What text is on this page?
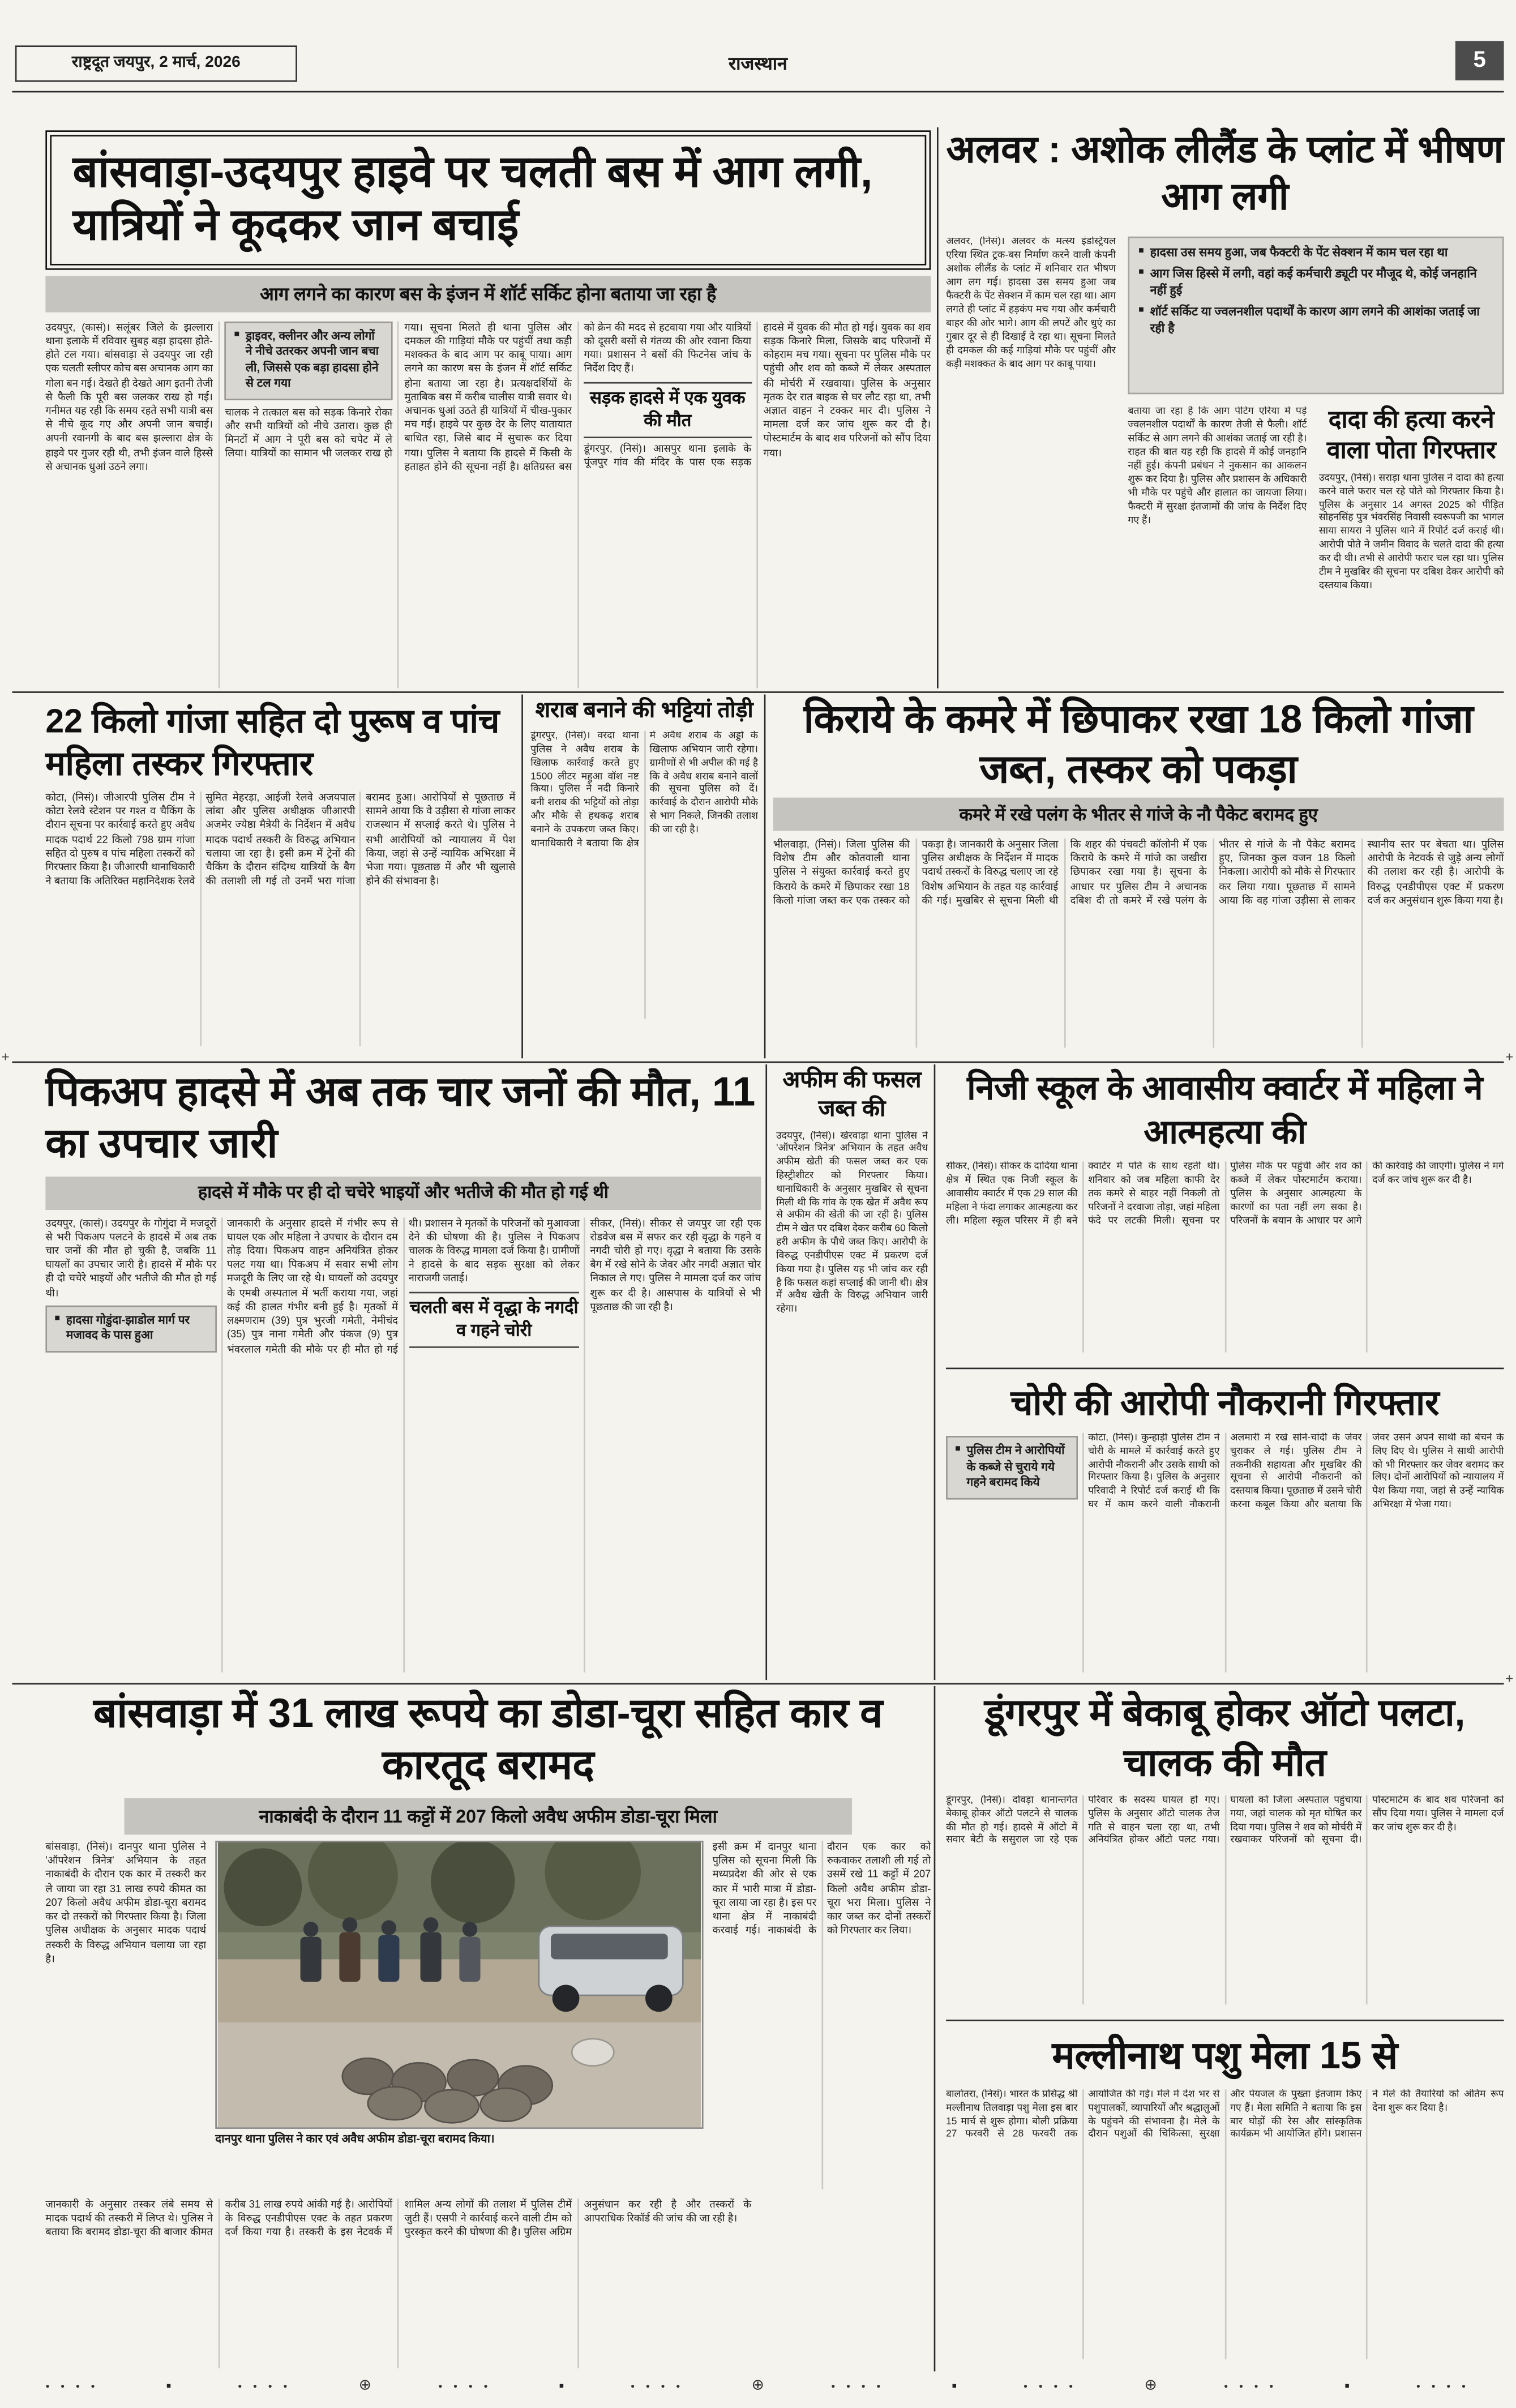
राष्ट्रदूत जयपुर, 2 मार्च, 2026	राजस्थान	5
+
+
+
बांसवाड़ा-उदयपुर हाइवे पर चलती बस में आग लगी, यात्रियों ने कूदकर जान बचाई
आग लगने का कारण बस के इंजन में शॉर्ट सर्किट होना बताया जा रहा है

उदयपुर, (कासं)। सलूंबर जिले के झल्लारा थाना इलाके में रविवार सुबह बड़ा हादसा होते-होते टल गया। बांसवाड़ा से उदयपुर जा रही एक चलती स्लीपर कोच बस अचानक आग का गोला बन गई। देखते ही देखते आग इतनी तेजी से फैली कि पूरी बस जलकर राख हो गई। गनीमत यह रही कि समय रहते सभी यात्री बस से नीचे कूद गए और अपनी जान बचाई। अपनी रवानगी के बाद बस झल्लारा क्षेत्र के हाइवे पर गुजर रही थी, तभी इंजन वाले हिस्से से अचानक धुआं उठने लगा।

■ ड्राइवर, क्लीनर और अन्य लोगों ने नीचे उतरकर अपनी जान बचा ली, जिससे एक बड़ा हादसा होने से टल गया

चालक ने तत्काल बस को सड़क किनारे रोका और सभी यात्रियों को नीचे उतारा। कुछ ही मिनटों में आग ने पूरी बस को चपेट में ले लिया। यात्रियों का सामान भी जलकर राख हो गया। सूचना मिलते ही थाना पुलिस और दमकल की गाड़ियां मौके पर पहुंचीं तथा कड़ी मशक्कत के बाद आग पर काबू पाया। आग लगने का कारण बस के इंजन में शॉर्ट सर्किट होना बताया जा रहा है। प्रत्यक्षदर्शियों के मुताबिक बस में करीब चालीस यात्री सवार थे। अचानक धुआं उठते ही यात्रियों में चीख-पुकार मच गई। हाइवे पर कुछ देर के लिए यातायात बाधित रहा, जिसे बाद में सुचारू कर दिया गया। पुलिस ने बताया कि हादसे में किसी के हताहत होने की सूचना नहीं है। क्षतिग्रस्त बस को क्रेन की मदद से हटवाया गया और यात्रियों को दूसरी बसों से गंतव्य की ओर रवाना किया गया। प्रशासन ने बसों की फिटनेस जांच के निर्देश दिए हैं।

सड़क हादसे में एक युवक की मौत

डूंगरपुर, (निसं)। आसपुर थाना इलाके के पूंजपुर गांव की मंदिर के पास एक सड़क हादसे में युवक की मौत हो गई। युवक का शव सड़क किनारे मिला, जिसके बाद परिजनों में कोहराम मच गया। सूचना पर पुलिस मौके पर पहुंची और शव को कब्जे में लेकर अस्पताल की मोर्चरी में रखवाया। पुलिस के अनुसार मृतक देर रात बाइक से घर लौट रहा था, तभी अज्ञात वाहन ने टक्कर मार दी। पुलिस ने मामला दर्ज कर जांच शुरू कर दी है। पोस्टमार्टम के बाद शव परिजनों को सौंप दिया गया।

अलवर : अशोक लीलैंड के प्लांट में भीषण आग लगी

अलवर, (निसं)। अलवर के मत्स्य इंडस्ट्रियल एरिया स्थित ट्रक-बस निर्माण करने वाली कंपनी अशोक लीलैंड के प्लांट में शनिवार रात भीषण आग लग गई। हादसा उस समय हुआ जब फैक्टरी के पेंट सेक्शन में काम चल रहा था। आग लगते ही प्लांट में हड़कंप मच गया और कर्मचारी बाहर की ओर भागे। आग की लपटें और धुएं का गुबार दूर से ही दिखाई दे रहा था। सूचना मिलते ही दमकल की कई गाड़ियां मौके पर पहुंचीं और कड़ी मशक्कत के बाद आग पर काबू पाया।

■ हादसा उस समय हुआ, जब फैक्टरी के पेंट सेक्शन में काम चल रहा था
■ आग जिस हिस्से में लगी, वहां कई कर्मचारी ड्यूटी पर मौजूद थे, कोई जनहानि नहीं हुई
■ शॉर्ट सर्किट या ज्वलनशील पदार्थों के कारण आग लगने की आशंका जताई जा रही है

बताया जा रहा है कि आग पेंटिंग एरिया में पड़े ज्वलनशील पदार्थों के कारण तेजी से फैली। शॉर्ट सर्किट से आग लगने की आशंका जताई जा रही है। राहत की बात यह रही कि हादसे में कोई जनहानि नहीं हुई। कंपनी प्रबंधन ने नुकसान का आकलन शुरू कर दिया है। पुलिस और प्रशासन के अधिकारी भी मौके पर पहुंचे और हालात का जायजा लिया। फैक्टरी में सुरक्षा इंतजामों की जांच के निर्देश दिए गए हैं।

दादा की हत्या करने वाला पोता गिरफ्तार

उदयपुर, (निसं)। सराड़ा थाना पुलिस ने दादा की हत्या करने वाले फरार चल रहे पोते को गिरफ्तार किया है। पुलिस के अनुसार 14 अगस्त 2025 को पीड़ित सोहनसिंह पुत्र भंवरसिंह निवासी स्वरूपजी का भागल साया सायरा ने पुलिस थाने में रिपोर्ट दर्ज कराई थी। आरोपी पोते ने जमीन विवाद के चलते दादा की हत्या कर दी थी। तभी से आरोपी फरार चल रहा था। पुलिस टीम ने मुखबिर की सूचना पर दबिश देकर आरोपी को दस्तयाब किया।

22 किलो गांजा सहित दो पुरूष व पांच महिला तस्कर गिरफ्तार

कोटा, (निसं)। जीआरपी पुलिस टीम ने कोटा रेलवे स्टेशन पर गश्त व चैकिंग के दौरान सूचना पर कार्रवाई करते हुए अवैध मादक पदार्थ 22 किलो 798 ग्राम गांजा सहित दो पुरुष व पांच महिला तस्करों को गिरफ्तार किया है। जीआरपी थानाधिकारी ने बताया कि अतिरिक्त महानिदेशक रेलवे सुमित मेहरड़ा, आईजी रेलवे अजयपाल लांबा और पुलिस अधीक्षक जीआरपी अजमेर ज्येष्ठा मैत्रेयी के निर्देशन में अवैध मादक पदार्थ तस्करी के विरुद्ध अभियान चलाया जा रहा है। इसी क्रम में ट्रेनों की चैकिंग के दौरान संदिग्ध यात्रियों के बैग की तलाशी ली गई तो उनमें भरा गांजा बरामद हुआ। आरोपियों से पूछताछ में सामने आया कि वे उड़ीसा से गांजा लाकर राजस्थान में सप्लाई करते थे। पुलिस ने सभी आरोपियों को न्यायालय में पेश किया, जहां से उन्हें न्यायिक अभिरक्षा में भेजा गया। पूछताछ में और भी खुलासे होने की संभावना है।

शराब बनाने की भट्टियां तोड़ी

डूंगरपुर, (निसं)। वरदा थाना पुलिस ने अवैध शराब के खिलाफ कार्रवाई करते हुए 1500 लीटर महुआ वॉश नष्ट किया। पुलिस ने नदी किनारे बनी शराब की भट्टियों को तोड़ा और मौके से हथकढ़ शराब बनाने के उपकरण जब्त किए। थानाधिकारी ने बताया कि क्षेत्र में अवैध शराब के अड्डों के खिलाफ अभियान जारी रहेगा। ग्रामीणों से भी अपील की गई है कि वे अवैध शराब बनाने वालों की सूचना पुलिस को दें। कार्रवाई के दौरान आरोपी मौके से भाग निकले, जिनकी तलाश की जा रही है।

किराये के कमरे में छिपाकर रखा 18 किलो गांजा जब्त, तस्कर को पकड़ा
कमरे में रखे पलंग के भीतर से गांजे के नौ पैकेट बरामद हुए

भीलवाड़ा, (निसं)। जिला पुलिस की विशेष टीम और कोतवाली थाना पुलिस ने संयुक्त कार्रवाई करते हुए किराये के कमरे में छिपाकर रखा 18 किलो गांजा जब्त कर एक तस्कर को पकड़ा है। जानकारी के अनुसार जिला पुलिस अधीक्षक के निर्देशन में मादक पदार्थ तस्करों के विरुद्ध चलाए जा रहे विशेष अभियान के तहत यह कार्रवाई की गई। मुखबिर से सूचना मिली थी कि शहर की पंचवटी कॉलोनी में एक किराये के कमरे में गांजे का जखीरा छिपाकर रखा गया है। सूचना के आधार पर पुलिस टीम ने अचानक दबिश दी तो कमरे में रखे पलंग के भीतर से गांजे के नौ पैकेट बरामद हुए, जिनका कुल वजन 18 किलो निकला। आरोपी को मौके से गिरफ्तार कर लिया गया। पूछताछ में सामने आया कि वह गांजा उड़ीसा से लाकर स्थानीय स्तर पर बेचता था। पुलिस आरोपी के नेटवर्क से जुड़े अन्य लोगों की तलाश कर रही है। आरोपी के विरुद्ध एनडीपीएस एक्ट में प्रकरण दर्ज कर अनुसंधान शुरू किया गया है।

पिकअप हादसे में अब तक चार जनों की मौत, 11 का उपचार जारी
हादसे में मौके पर ही दो चचेरे भाइयों और भतीजे की मौत हो गई थी

उदयपुर, (कासं)। उदयपुर के गोगुंदा में मजदूरों से भरी पिकअप पलटने के हादसे में अब तक चार जनों की मौत हो चुकी है, जबकि 11 घायलों का उपचार जारी है। हादसे में मौके पर ही दो चचेरे भाइयों और भतीजे की मौत हो गई थी।

■ हादसा गोडुंदा-झाडोल मार्ग पर मजावद के पास हुआ

जानकारी के अनुसार हादसे में गंभीर रूप से घायल एक और महिला ने उपचार के दौरान दम तोड़ दिया। पिकअप वाहन अनियंत्रित होकर पलट गया था। पिकअप में सवार सभी लोग मजदूरी के लिए जा रहे थे। घायलों को उदयपुर के एमबी अस्पताल में भर्ती कराया गया, जहां कई की हालत गंभीर बनी हुई है। मृतकों में लक्ष्मणराम (39) पुत्र भुरजी गमेती, नेमीचंद (35) पुत्र नाना गमेती और पंकज (9) पुत्र भंवरलाल गमेती की मौके पर ही मौत हो गई थी। प्रशासन ने मृतकों के परिजनों को मुआवजा देने की घोषणा की है। पुलिस ने पिकअप चालक के विरुद्ध मामला दर्ज किया है। ग्रामीणों ने हादसे के बाद सड़क सुरक्षा को लेकर नाराजगी जताई।

चलती बस में वृद्धा के नगदी व गहने चोरी

सीकर, (निसं)। सीकर से जयपुर जा रही एक रोडवेज बस में सफर कर रही वृद्धा के गहने व नगदी चोरी हो गए। वृद्धा ने बताया कि उसके बैग में रखे सोने के जेवर और नगदी अज्ञात चोर निकाल ले गए। पुलिस ने मामला दर्ज कर जांच शुरू कर दी है। आसपास के यात्रियों से भी पूछताछ की जा रही है।

अफीम की फसल जब्त की

उदयपुर, (निसं)। खेरवाड़ा थाना पुलिस ने 'ऑपरेशन त्रिनेत्र' अभियान के तहत अवैध अफीम खेती की फसल जब्त कर एक हिस्ट्रीशीटर को गिरफ्तार किया। थानाधिकारी के अनुसार मुखबिर से सूचना मिली थी कि गांव के एक खेत में अवैध रूप से अफीम की खेती की जा रही है। पुलिस टीम ने खेत पर दबिश देकर करीब 60 किलो हरी अफीम के पौधे जब्त किए। आरोपी के विरुद्ध एनडीपीएस एक्ट में प्रकरण दर्ज किया गया है। पुलिस यह भी जांच कर रही है कि फसल कहां सप्लाई की जानी थी। क्षेत्र में अवैध खेती के विरुद्ध अभियान जारी रहेगा।

निजी स्कूल के आवासीय क्वार्टर में महिला ने आत्महत्या की

सीकर, (निसं)। सीकर के दादिया थाना क्षेत्र में स्थित एक निजी स्कूल के आवासीय क्वार्टर में एक 29 साल की महिला ने फंदा लगाकर आत्महत्या कर ली। महिला स्कूल परिसर में ही बने क्वार्टर में पति के साथ रहती थी। शनिवार को जब महिला काफी देर तक कमरे से बाहर नहीं निकली तो परिजनों ने दरवाजा तोड़ा, जहां महिला फंदे पर लटकी मिली। सूचना पर पुलिस मौके पर पहुंची और शव को कब्जे में लेकर पोस्टमार्टम कराया। पुलिस के अनुसार आत्महत्या के कारणों का पता नहीं लग सका है। परिजनों के बयान के आधार पर आगे की कार्रवाई की जाएगी। पुलिस ने मर्ग दर्ज कर जांच शुरू कर दी है।

चोरी की आरोपी नौकरानी गिरफ्तार
■ पुलिस टीम ने आरोपियों के कब्जे से चुराये गये गहने बरामद किये

कोटा, (निसं)। कुन्हाड़ी पुलिस टीम ने चोरी के मामले में कार्रवाई करते हुए आरोपी नौकरानी और उसके साथी को गिरफ्तार किया है। पुलिस के अनुसार परिवादी ने रिपोर्ट दर्ज कराई थी कि घर में काम करने वाली नौकरानी अलमारी में रखे सोने-चांदी के जेवर चुराकर ले गई। पुलिस टीम ने तकनीकी सहायता और मुखबिर की सूचना से आरोपी नौकरानी को दस्तयाब किया। पूछताछ में उसने चोरी करना कबूल किया और बताया कि जेवर उसने अपने साथी को बेचने के लिए दिए थे। पुलिस ने साथी आरोपी को भी गिरफ्तार कर जेवर बरामद कर लिए। दोनों आरोपियों को न्यायालय में पेश किया गया, जहां से उन्हें न्यायिक अभिरक्षा में भेजा गया।

बांसवाड़ा में 31 लाख रूपये का डोडा-चूरा सहित कार व कारतूद बरामद
नाकाबंदी के दौरान 11 कट्टों में 207 किलो अवैध अफीम डोडा-चूरा मिला

बांसवाड़ा, (निसं)। दानपुर थाना पुलिस ने 'ऑपरेशन त्रिनेत्र' अभियान के तहत नाकाबंदी के दौरान एक कार में तस्करी कर ले जाया जा रहा 31 लाख रुपये कीमत का 207 किलो अवैध अफीम डोडा-चूरा बरामद कर दो तस्करों को गिरफ्तार किया है। जिला पुलिस अधीक्षक के अनुसार मादक पदार्थ तस्करी के विरुद्ध अभियान चलाया जा रहा है।

दानपुर थाना पुलिस ने कार एवं अवैध अफीम डोडा-चूरा बरामद किया।

इसी क्रम में दानपुर थाना पुलिस को सूचना मिली कि मध्यप्रदेश की ओर से एक कार में भारी मात्रा में डोडा-चूरा लाया जा रहा है। इस पर थाना क्षेत्र में नाकाबंदी करवाई गई। नाकाबंदी के दौरान एक कार को रुकवाकर तलाशी ली गई तो उसमें रखे 11 कट्टों में 207 किलो अवैध अफीम डोडा-चूरा भरा मिला। पुलिस ने कार जब्त कर दोनों तस्करों को गिरफ्तार कर लिया।

जानकारी के अनुसार तस्कर लंबे समय से मादक पदार्थ की तस्करी में लिप्त थे। पुलिस ने बताया कि बरामद डोडा-चूरा की बाजार कीमत करीब 31 लाख रुपये आंकी गई है। आरोपियों के विरुद्ध एनडीपीएस एक्ट के तहत प्रकरण दर्ज किया गया है। तस्करी के इस नेटवर्क में शामिल अन्य लोगों की तलाश में पुलिस टीमें जुटी हैं। एसपी ने कार्रवाई करने वाली टीम को पुरस्कृत करने की घोषणा की है। पुलिस अग्रिम अनुसंधान कर रही है और तस्करों के आपराधिक रिकॉर्ड की जांच की जा रही है।

डूंगरपुर में बेकाबू होकर ऑटो पलटा, चालक की मौत

डूंगरपुर, (निसं)। दोवड़ा थानान्तर्गत बेकाबू होकर ऑटो पलटने से चालक की मौत हो गई। हादसे में ऑटो में सवार बेटी के ससुराल जा रहे एक परिवार के सदस्य घायल हो गए। पुलिस के अनुसार ऑटो चालक तेज गति से वाहन चला रहा था, तभी अनियंत्रित होकर ऑटो पलट गया। घायलों को जिला अस्पताल पहुंचाया गया, जहां चालक को मृत घोषित कर दिया गया। पुलिस ने शव को मोर्चरी में रखवाकर परिजनों को सूचना दी। पोस्टमार्टम के बाद शव परिजनों को सौंप दिया गया। पुलिस ने मामला दर्ज कर जांच शुरू कर दी है।

मल्लीनाथ पशु मेला 15 से

बालोतरा, (निसं)। भारत के प्रसिद्ध श्री मल्लीनाथ तिलवाड़ा पशु मेला इस बार 15 मार्च से शुरू होगा। बोली प्रक्रिया 27 फरवरी से 28 फरवरी तक आयोजित की गई। मेले में देश भर से पशुपालकों, व्यापारियों और श्रद्धालुओं के पहुंचने की संभावना है। मेले के दौरान पशुओं की चिकित्सा, सुरक्षा और पेयजल के पुख्ता इंतजाम किए गए हैं। मेला समिति ने बताया कि इस बार घोड़ों की रेस और सांस्कृतिक कार्यक्रम भी आयोजित होंगे। प्रशासन ने मेले की तैयारियों को अंतिम रूप देना शुरू कर दिया है।

● ● ● ●	■	● ● ● ●	⊕	● ● ● ●	■	● ● ● ●	⊕	● ● ● ●	■	● ● ● ●	⊕	● ● ● ●	■	● ● ● ●
